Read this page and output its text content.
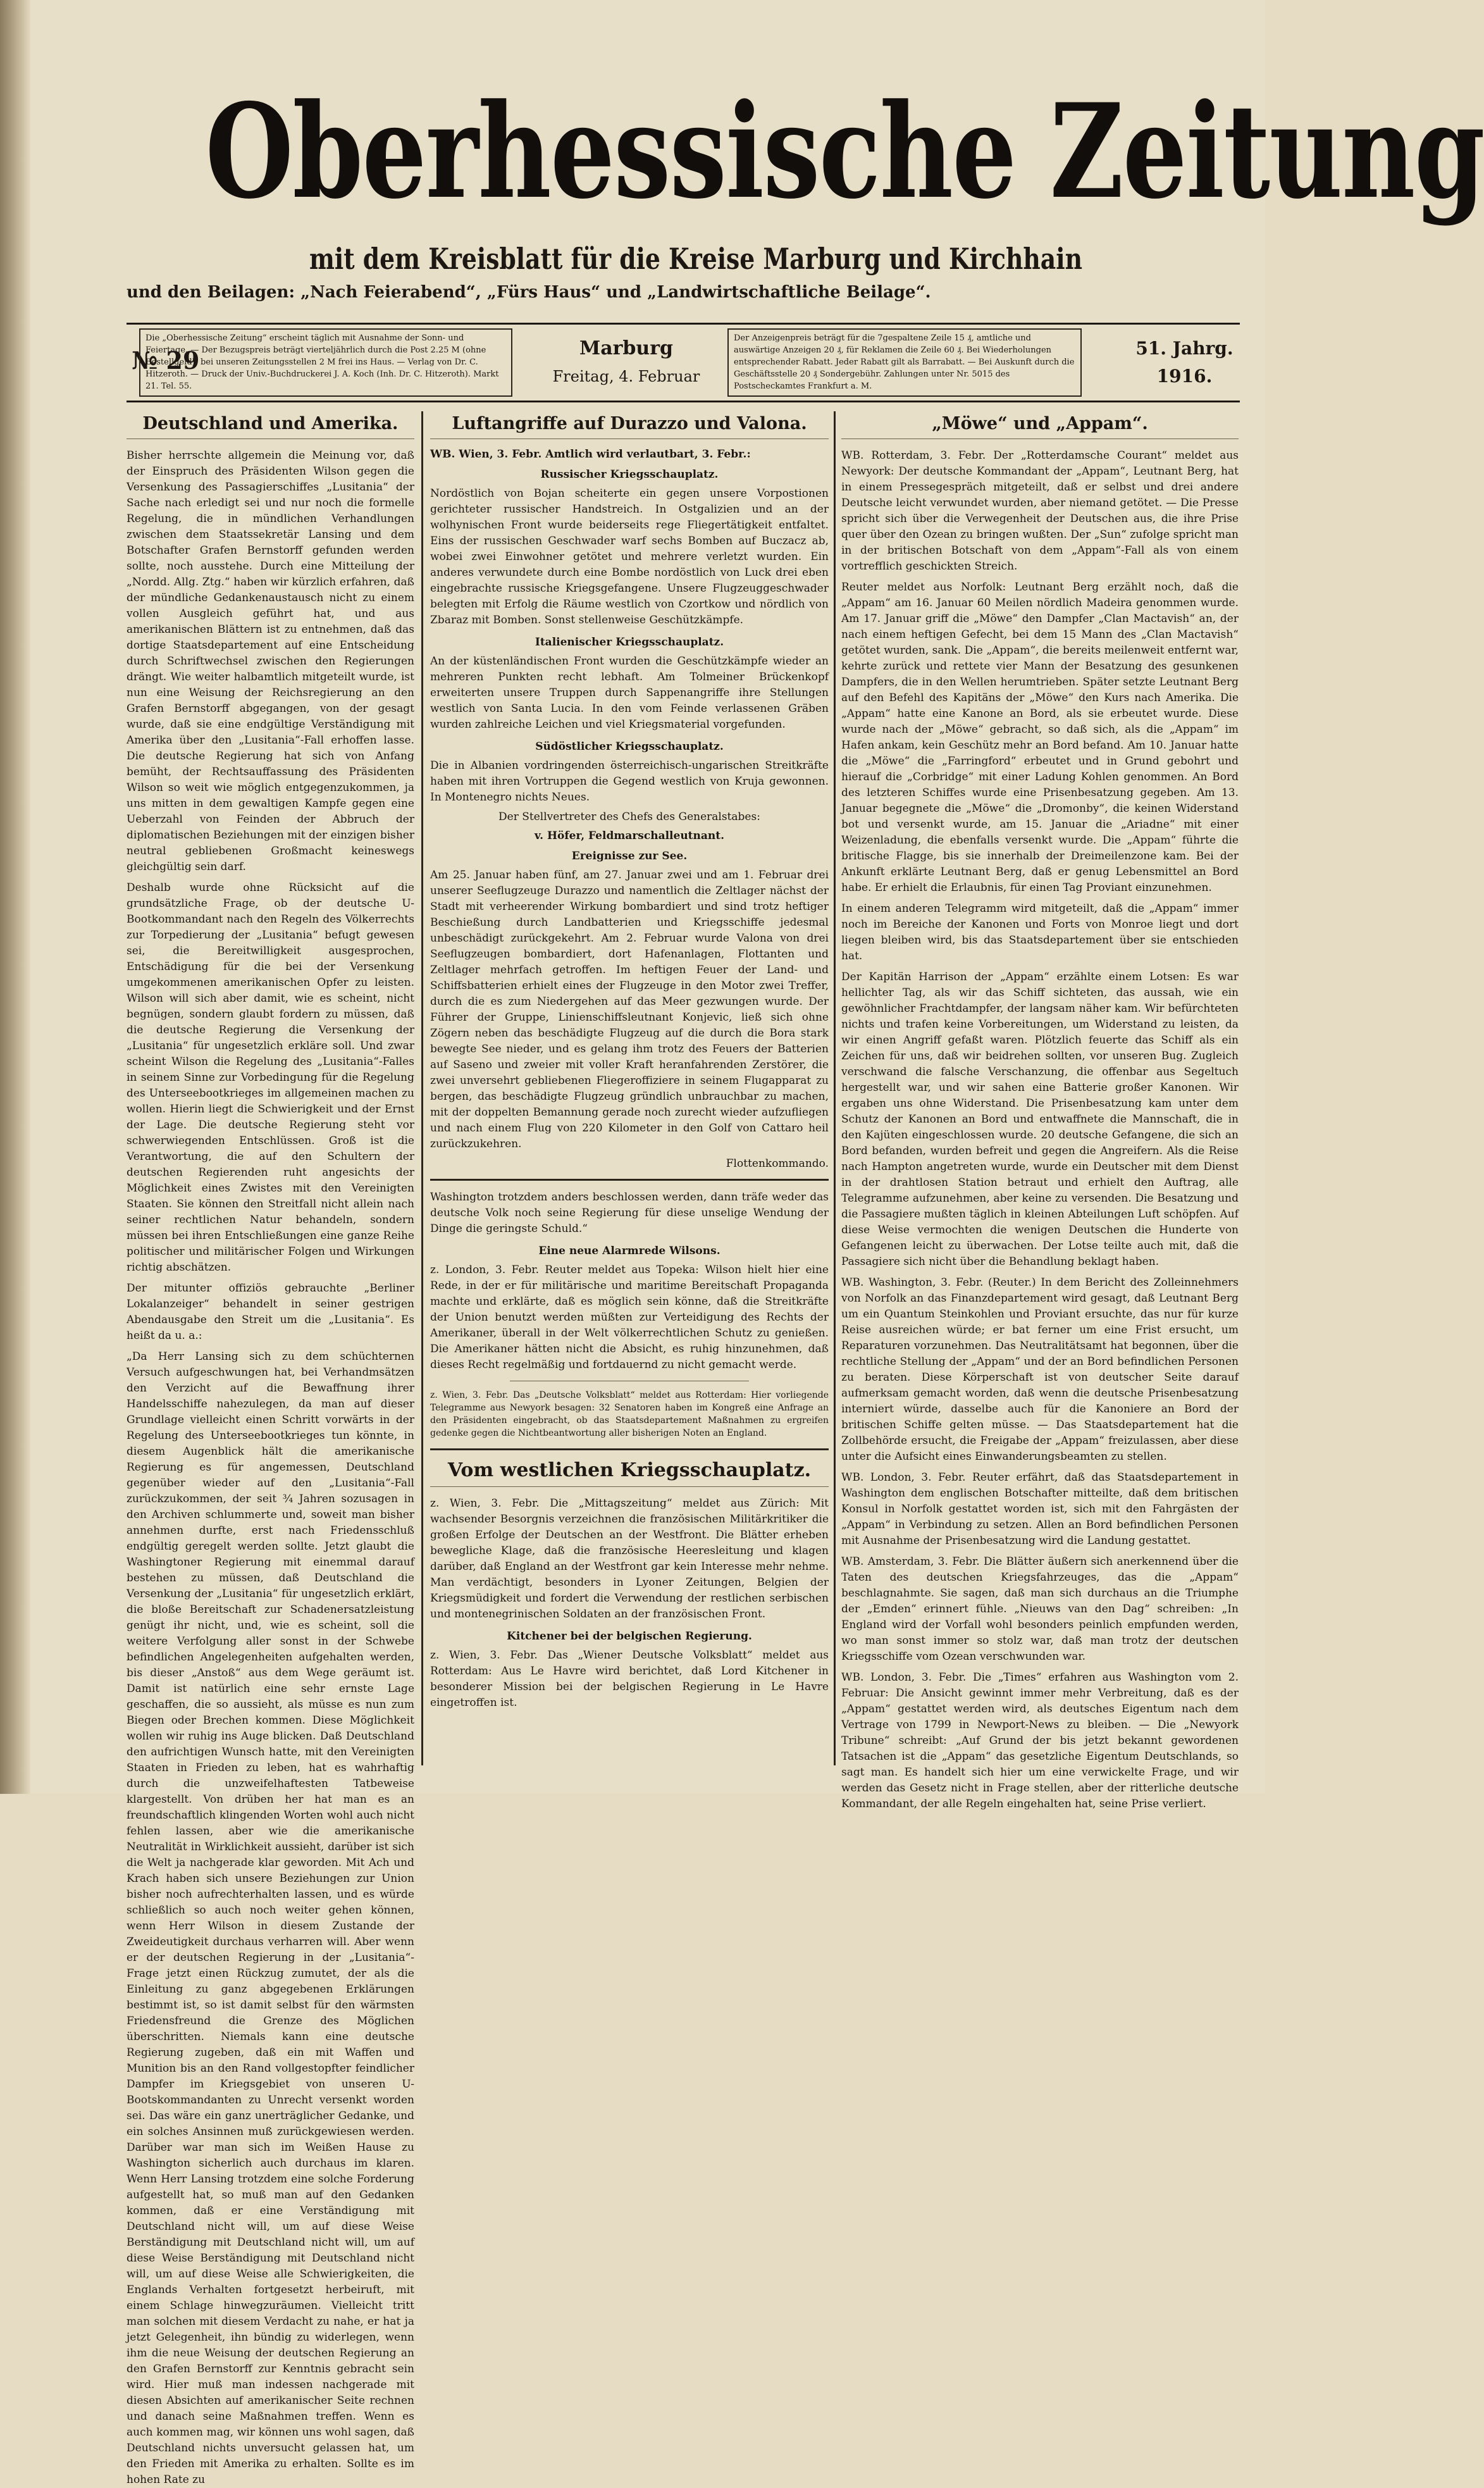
Oberhessische Zeitung
mit dem Kreisblatt für die Kreise Marburg und Kirchhain
und den Beilagen: „Nach Feierabend“, „Fürs Haus“ und „Landwirtschaftliche Beilage“.
№ 29
Die „Oberhessische Zeitung“ erscheint täglich mit Ausnahme der Sonn- und Feiertage. — Der Bezugspreis beträgt vierteljährlich durch die Post 2.25 M (ohne Bestellgeld), bei unseren Zeitungsstellen 2 M frei ins Haus. — Verlag von Dr. C. Hitzeroth. — Druck der Univ.-Buchdruckerei J. A. Koch (Inh. Dr. C. Hitzeroth). Markt 21. Tel. 55.
Marburg
Freitag, 4. Februar
Der Anzeigenpreis beträgt für die 7gespaltene Zeile 15 ₰, amtliche und auswärtige Anzeigen 20 ₰, für Reklamen die Zeile 60 ₰. Bei Wiederholungen entsprechender Rabatt. Jeder Rabatt gilt als Barrabatt. — Bei Auskunft durch die Geschäftsstelle 20 ₰ Sondergebühr. Zahlungen unter Nr. 5015 des Postscheckamtes Frankfurt a. M.
51. Jahrg.
1916.
Deutschland und Amerika.

Bisher herrschte allgemein die Meinung vor, daß der Einspruch des Präsidenten Wilson gegen die Versenkung des Passagierschiffes „Lusitania“ der Sache nach erledigt sei und nur noch die formelle Regelung, die in mündlichen Verhandlungen zwischen dem Staatssekretär Lansing und dem Botschafter Grafen Bernstorff gefunden werden sollte, noch ausstehe. Durch eine Mitteilung der „Nordd. Allg. Ztg.“ haben wir kürzlich erfahren, daß der mündliche Gedankenaustausch nicht zu einem vollen Ausgleich geführt hat, und aus amerikanischen Blättern ist zu entnehmen, daß das dortige Staatsdepartement auf eine Entscheidung durch Schriftwechsel zwischen den Regierungen drängt. Wie weiter halbamtlich mitgeteilt wurde, ist nun eine Weisung der Reichsregierung an den Grafen Bernstorff abgegangen, von der gesagt wurde, daß sie eine endgültige Verständigung mit Amerika über den „Lusitania“-Fall erhoffen lasse. Die deutsche Regierung hat sich von Anfang bemüht, der Rechtsauffassung des Präsidenten Wilson so weit wie möglich entgegenzukommen, ja uns mitten in dem gewaltigen Kampfe gegen eine Ueberzahl von Feinden der Abbruch der diplomatischen Beziehungen mit der einzigen bisher neutral gebliebenen Großmacht keineswegs gleichgültig sein darf.

Deshalb wurde ohne Rücksicht auf die grundsätzliche Frage, ob der deutsche U-Bootkommandant nach den Regeln des Völkerrechts zur Torpedierung der „Lusitania“ befugt gewesen sei, die Bereitwilligkeit ausgesprochen, Entschädigung für die bei der Versenkung umgekommenen amerikanischen Opfer zu leisten. Wilson will sich aber damit, wie es scheint, nicht begnügen, sondern glaubt fordern zu müssen, daß die deutsche Regierung die Versenkung der „Lusitania“ für ungesetzlich erkläre soll. Und zwar scheint Wilson die Regelung des „Lusitania“-Falles in seinem Sinne zur Vorbedingung für die Regelung des Unterseebootkrieges im allgemeinen machen zu wollen. Hierin liegt die Schwierigkeit und der Ernst der Lage. Die deutsche Regierung steht vor schwerwiegenden Entschlüssen. Groß ist die Verantwortung, die auf den Schultern der deutschen Regierenden ruht angesichts der Möglichkeit eines Zwistes mit den Vereinigten Staaten. Sie können den Streitfall nicht allein nach seiner rechtlichen Natur behandeln, sondern müssen bei ihren Entschließungen eine ganze Reihe politischer und militärischer Folgen und Wirkungen richtig abschätzen.

Der mitunter offiziös gebrauchte „Berliner Lokalanzeiger“ behandelt in seiner gestrigen Abendausgabe den Streit um die „Lusitania“. Es heißt da u. a.:

„Da Herr Lansing sich zu dem schüchternen Versuch aufgeschwungen hat, bei Verhandmsätzen den Verzicht auf die Bewaffnung ihrer Handelsschiffe nahezulegen, da man auf dieser Grundlage vielleicht einen Schritt vorwärts in der Regelung des Unterseebootkrieges tun könnte, in diesem Augenblick hält die amerikanische Regierung es für angemessen, Deutschland gegenüber wieder auf den „Lusitania“-Fall zurückzukommen, der seit ¾ Jahren sozusagen in den Archiven schlummerte und, soweit man bisher annehmen durfte, erst nach Friedensschluß endgültig geregelt werden sollte. Jetzt glaubt die Washingtoner Regierung mit einemmal darauf bestehen zu müssen, daß Deutschland die Versenkung der „Lusitania“ für ungesetzlich erklärt, die bloße Bereitschaft zur Schadenersatzleistung genügt ihr nicht, und, wie es scheint, soll die weitere Verfolgung aller sonst in der Schwebe befindlichen Angelegenheiten aufgehalten werden, bis dieser „Anstoß“ aus dem Wege geräumt ist. Damit ist natürlich eine sehr ernste Lage geschaffen, die so aussieht, als müsse es nun zum Biegen oder Brechen kommen. Diese Möglichkeit wollen wir ruhig ins Auge blicken. Daß Deutschland den aufrichtigen Wunsch hatte, mit den Vereinigten Staaten in Frieden zu leben, hat es wahrhaftig durch die unzweifelhaftesten Tatbeweise klargestellt. Von drüben her hat man es an freundschaftlich klingenden Worten wohl auch nicht fehlen lassen, aber wie die amerikanische Neutralität in Wirklichkeit aussieht, darüber ist sich die Welt ja nachgerade klar geworden. Mit Ach und Krach haben sich unsere Beziehungen zur Union bisher noch aufrechterhalten lassen, und es würde schließlich so auch noch weiter gehen können, wenn Herr Wilson in diesem Zustande der Zweideutigkeit durchaus verharren will. Aber wenn er der deutschen Regierung in der „Lusitania“-Frage jetzt einen Rückzug zumutet, der als die Einleitung zu ganz abgegebenen Erklärungen bestimmt ist, so ist damit selbst für den wärmsten Friedensfreund die Grenze des Möglichen überschritten. Niemals kann eine deutsche Regierung zugeben, daß ein mit Waffen und Munition bis an den Rand vollgestopfter feindlicher Dampfer im Kriegsgebiet von unseren U-Bootskommandanten zu Unrecht versenkt worden sei. Das wäre ein ganz unerträglicher Gedanke, und ein solches Ansinnen muß zurückgewiesen werden. Darüber war man sich im Weißen Hause zu Washington sicherlich auch durchaus im klaren. Wenn Herr Lansing trotzdem eine solche Forderung aufgestellt hat, so muß man auf den Gedanken kommen, daß er eine Verständigung mit Deutschland nicht will, um auf diese Weise Berständigung mit Deutschland nicht will, um auf diese Weise Berständigung mit Deutschland nicht will, um auf diese Weise alle Schwierigkeiten, die Englands Verhalten fortgesetzt herbeiruft, mit einem Schlage hinwegzuräumen. Vielleicht tritt man solchen mit diesem Verdacht zu nahe, er hat ja jetzt Gelegenheit, ihn bündig zu widerlegen, wenn ihm die neue Weisung der deutschen Regierung an den Grafen Bernstorff zur Kenntnis gebracht sein wird. Hier muß man indessen nachgerade mit diesen Absichten auf amerikanischer Seite rechnen und danach seine Maßnahmen treffen. Wenn es auch kommen mag, wir können uns wohl sagen, daß Deutschland nichts unversucht gelassen hat, um den Frieden mit Amerika zu erhalten. Sollte es im hohen Rate zu

Luftangriffe auf Durazzo und Valona.
WB. Wien, 3. Febr. Amtlich wird verlautbart, 3. Febr.:
Russischer Kriegsschauplatz.

Nordöstlich von Bojan scheiterte ein gegen unsere Vorpostionen gerichteter russischer Handstreich. In Ostgalizien und an der wolhynischen Front wurde beiderseits rege Fliegertätigkeit entfaltet. Eins der russischen Geschwader warf sechs Bomben auf Buczacz ab, wobei zwei Einwohner getötet und mehrere verletzt wurden. Ein anderes verwundete durch eine Bombe nordöstlich von Luck drei eben eingebrachte russische Kriegsgefangene. Unsere Flugzeuggeschwader belegten mit Erfolg die Räume westlich von Czortkow und nördlich von Zbaraz mit Bomben. Sonst stellenweise Geschützkämpfe.

Italienischer Kriegsschauplatz.

An der küstenländischen Front wurden die Geschützkämpfe wieder an mehreren Punkten recht lebhaft. Am Tolmeiner Brückenkopf erweiterten unsere Truppen durch Sappenangriffe ihre Stellungen westlich von Santa Lucia. In den vom Feinde verlassenen Gräben wurden zahlreiche Leichen und viel Kriegsmaterial vorgefunden.

Südöstlicher Kriegsschauplatz.

Die in Albanien vordringenden österreichisch-ungarischen Streitkräfte haben mit ihren Vortruppen die Gegend westlich von Kruja gewonnen. In Montenegro nichts Neues.

Der Stellvertreter des Chefs des Generalstabes:
v. Höfer, Feldmarschalleutnant.
Ereignisse zur See.

Am 25. Januar haben fünf, am 27. Januar zwei und am 1. Februar drei unserer Seeflugzeuge Durazzo und namentlich die Zeltlager nächst der Stadt mit verheerender Wirkung bombardiert und sind trotz heftiger Beschießung durch Landbatterien und Kriegsschiffe jedesmal unbeschädigt zurückgekehrt. Am 2. Februar wurde Valona von drei Seeflugzeugen bombardiert, dort Hafenanlagen, Flottanten und Zeltlager mehrfach getroffen. Im heftigen Feuer der Land- und Schiffsbatterien erhielt eines der Flugzeuge in den Motor zwei Treffer, durch die es zum Niedergehen auf das Meer gezwungen wurde. Der Führer der Gruppe, Linienschiffsleutnant Konjevic, ließ sich ohne Zögern neben das beschädigte Flugzeug auf die durch die Bora stark bewegte See nieder, und es gelang ihm trotz des Feuers der Batterien auf Saseno und zweier mit voller Kraft heranfahrenden Zerstörer, die zwei unversehrt gebliebenen Fliegeroffiziere in seinem Flugapparat zu bergen, das beschädigte Flugzeug gründlich unbrauchbar zu machen, mit der doppelten Bemannung gerade noch zurecht wieder aufzufliegen und nach einem Flug von 220 Kilometer in den Golf von Cattaro heil zurückzukehren.

Flottenkommando.

Washington trotzdem anders beschlossen werden, dann träfe weder das deutsche Volk noch seine Regierung für diese unselige Wendung der Dinge die geringste Schuld.“

Eine neue Alarmrede Wilsons.

z. London, 3. Febr. Reuter meldet aus Topeka: Wilson hielt hier eine Rede, in der er für militärische und maritime Bereitschaft Propaganda machte und erklärte, daß es möglich sein könne, daß die Streitkräfte der Union benutzt werden müßten zur Verteidigung des Rechts der Amerikaner, überall in der Welt völkerrechtlichen Schutz zu genießen. Die Amerikaner hätten nicht die Absicht, es ruhig hinzunehmen, daß dieses Recht regelmäßig und fortdauernd zu nicht gemacht werde.

z. Wien, 3. Febr. Das „Deutsche Volksblatt“ meldet aus Rotterdam: Hier vorliegende Telegramme aus Newyork besagen: 32 Senatoren haben im Kongreß eine Anfrage an den Präsidenten eingebracht, ob das Staatsdepartement Maßnahmen zu ergreifen gedenke gegen die Nichtbeantwortung aller bisherigen Noten an England.

Vom westlichen Kriegsschauplatz.

z. Wien, 3. Febr. Die „Mittagszeitung“ meldet aus Zürich: Mit wachsender Besorgnis verzeichnen die französischen Militärkritiker die großen Erfolge der Deutschen an der Westfront. Die Blätter erheben bewegliche Klage, daß die französische Heeresleitung und klagen darüber, daß England an der Westfront gar kein Interesse mehr nehme. Man verdächtigt, besonders in Lyoner Zeitungen, Belgien der Kriegsmüdigkeit und fordert die Verwendung der restlichen serbischen und montenegrinischen Soldaten an der französischen Front.

Kitchener bei der belgischen Regierung.

z. Wien, 3. Febr. Das „Wiener Deutsche Volksblatt“ meldet aus Rotterdam: Aus Le Havre wird berichtet, daß Lord Kitchener in besonderer Mission bei der belgischen Regierung in Le Havre eingetroffen ist.

„Möwe“ und „Appam“.

WB. Rotterdam, 3. Febr. Der „Rotterdamsche Courant“ meldet aus Newyork: Der deutsche Kommandant der „Appam“, Leutnant Berg, hat in einem Pressegespräch mitgeteilt, daß er selbst und drei andere Deutsche leicht verwundet wurden, aber niemand getötet. — Die Presse spricht sich über die Verwegenheit der Deutschen aus, die ihre Prise quer über den Ozean zu bringen wußten. Der „Sun“ zufolge spricht man in der britischen Botschaft von dem „Appam“-Fall als von einem vortrefflich geschickten Streich.

Reuter meldet aus Norfolk: Leutnant Berg erzählt noch, daß die „Appam“ am 16. Januar 60 Meilen nördlich Madeira genommen wurde. Am 17. Januar griff die „Möwe“ den Dampfer „Clan Mactavish“ an, der nach einem heftigen Gefecht, bei dem 15 Mann des „Clan Mactavish“ getötet wurden, sank. Die „Appam“, die bereits meilenweit entfernt war, kehrte zurück und rettete vier Mann der Besatzung des gesunkenen Dampfers, die in den Wellen herumtrieben. Später setzte Leutnant Berg auf den Befehl des Kapitäns der „Möwe“ den Kurs nach Amerika. Die „Appam“ hatte eine Kanone an Bord, als sie erbeutet wurde. Diese wurde nach der „Möwe“ gebracht, so daß sich, als die „Appam“ im Hafen ankam, kein Geschütz mehr an Bord befand. Am 10. Januar hatte die „Möwe“ die „Farringford“ erbeutet und in Grund gebohrt und hierauf die „Corbridge“ mit einer Ladung Kohlen genommen. An Bord des letzteren Schiffes wurde eine Prisenbesatzung gegeben. Am 13. Januar begegnete die „Möwe“ die „Dromonby“, die keinen Widerstand bot und versenkt wurde, am 15. Januar die „Ariadne“ mit einer Weizenladung, die ebenfalls versenkt wurde. Die „Appam“ führte die britische Flagge, bis sie innerhalb der Dreimeilenzone kam. Bei der Ankunft erklärte Leutnant Berg, daß er genug Lebensmittel an Bord habe. Er erhielt die Erlaubnis, für einen Tag Proviant einzunehmen.

In einem anderen Telegramm wird mitgeteilt, daß die „Appam“ immer noch im Bereiche der Kanonen und Forts von Monroe liegt und dort liegen bleiben wird, bis das Staatsdepartement über sie entschieden hat.

Der Kapitän Harrison der „Appam“ erzählte einem Lotsen: Es war hellichter Tag, als wir das Schiff sichteten, das aussah, wie ein gewöhnlicher Frachtdampfer, der langsam näher kam. Wir befürchteten nichts und trafen keine Vorbereitungen, um Widerstand zu leisten, da wir einen Angriff gefaßt waren. Plötzlich feuerte das Schiff als ein Zeichen für uns, daß wir beidrehen sollten, vor unseren Bug. Zugleich verschwand die falsche Verschanzung, die offenbar aus Segeltuch hergestellt war, und wir sahen eine Batterie großer Kanonen. Wir ergaben uns ohne Widerstand. Die Prisenbesatzung kam unter dem Schutz der Kanonen an Bord und entwaffnete die Mannschaft, die in den Kajüten eingeschlossen wurde. 20 deutsche Gefangene, die sich an Bord befanden, wurden befreit und gegen die Angreifern. Als die Reise nach Hampton angetreten wurde, wurde ein Deutscher mit dem Dienst in der drahtlosen Station betraut und erhielt den Auftrag, alle Telegramme aufzunehmen, aber keine zu versenden. Die Besatzung und die Passagiere mußten täglich in kleinen Abteilungen Luft schöpfen. Auf diese Weise vermochten die wenigen Deutschen die Hunderte von Gefangenen leicht zu überwachen. Der Lotse teilte auch mit, daß die Passagiere sich nicht über die Behandlung beklagt haben.

WB. Washington, 3. Febr. (Reuter.) In dem Bericht des Zolleinnehmers von Norfolk an das Finanzdepartement wird gesagt, daß Leutnant Berg um ein Quantum Steinkohlen und Proviant ersuchte, das nur für kurze Reise ausreichen würde; er bat ferner um eine Frist ersucht, um Reparaturen vorzunehmen. Das Neutralitätsamt hat begonnen, über die rechtliche Stellung der „Appam“ und der an Bord befindlichen Personen zu beraten. Diese Körperschaft ist von deutscher Seite darauf aufmerksam gemacht worden, daß wenn die deutsche Prisenbesatzung interniert würde, dasselbe auch für die Kanoniere an Bord der britischen Schiffe gelten müsse. — Das Staatsdepartement hat die Zollbehörde ersucht, die Freigabe der „Appam“ freizulassen, aber diese unter die Aufsicht eines Einwanderungsbeamten zu stellen.

WB. London, 3. Febr. Reuter erfährt, daß das Staatsdepartement in Washington dem englischen Botschafter mitteilte, daß dem britischen Konsul in Norfolk gestattet worden ist, sich mit den Fahrgästen der „Appam“ in Verbindung zu setzen. Allen an Bord befindlichen Personen mit Ausnahme der Prisenbesatzung wird die Landung gestattet.

WB. Amsterdam, 3. Febr. Die Blätter äußern sich anerkennend über die Taten des deutschen Kriegsfahrzeuges, das die „Appam“ beschlagnahmte. Sie sagen, daß man sich durchaus an die Triumphe der „Emden“ erinnert fühle. „Nieuws van den Dag“ schreiben: „In England wird der Vorfall wohl besonders peinlich empfunden werden, wo man sonst immer so stolz war, daß man trotz der deutschen Kriegsschiffe vom Ozean verschwunden war.

WB. London, 3. Febr. Die „Times“ erfahren aus Washington vom 2. Februar: Die Ansicht gewinnt immer mehr Verbreitung, daß es der „Appam“ gestattet werden wird, als deutsches Eigentum nach dem Vertrage von 1799 in Newport-News zu bleiben. — Die „Newyork Tribune“ schreibt: „Auf Grund der bis jetzt bekannt gewordenen Tatsachen ist die „Appam“ das gesetzliche Eigentum Deutschlands, so sagt man. Es handelt sich hier um eine verwickelte Frage, und wir werden das Gesetz nicht in Frage stellen, aber der ritterliche deutsche Kommandant, der alle Regeln eingehalten hat, seine Prise verliert.
